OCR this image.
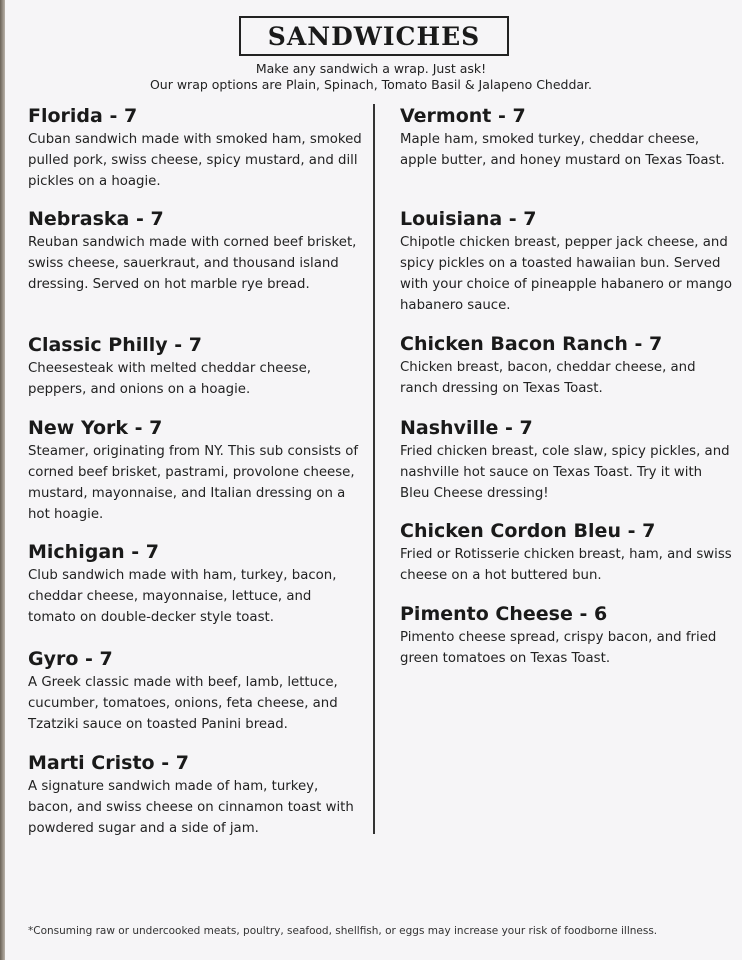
SANDWICHES
Make any sandwich a wrap. Just ask!
Our wrap options are Plain, Spinach, Tomato Basil & Jalapeno Cheddar.
Florida - 7
Cuban sandwich made with smoked ham, smoked pulled pork, swiss cheese, spicy mustard, and dill pickles on a hoagie.
Nebraska - 7
Reuban sandwich made with corned beef brisket, swiss cheese, sauerkraut, and thousand island dressing. Served on hot marble rye bread.
Classic Philly - 7
Cheesesteak with melted cheddar cheese, peppers, and onions on a hoagie.
New York - 7
Steamer, originating from NY. This sub consists of corned beef brisket, pastrami, provolone cheese, mustard, mayonnaise, and Italian dressing on a hot hoagie.
Michigan - 7
Club sandwich made with ham, turkey, bacon, cheddar cheese, mayonnaise, lettuce, and tomato on double-decker style toast.
Gyro - 7
A Greek classic made with beef, lamb, lettuce, cucumber, tomatoes, onions, feta cheese, and Tzatziki sauce on toasted Panini bread.
Marti Cristo - 7
A signature sandwich made of ham, turkey, bacon, and swiss cheese on cinnamon toast with powdered sugar and a side of jam.
Vermont - 7
Maple ham, smoked turkey, cheddar cheese, apple butter, and honey mustard on Texas Toast.
Louisiana - 7
Chipotle chicken breast, pepper jack cheese, and spicy pickles on a toasted hawaiian bun. Served with your choice of pineapple habanero or mango habanero sauce.
Chicken Bacon Ranch - 7
Chicken breast, bacon, cheddar cheese, and ranch dressing on Texas Toast.
Nashville - 7
Fried chicken breast, cole slaw, spicy pickles, and nashville hot sauce on Texas Toast. Try it with Bleu Cheese dressing!
Chicken Cordon Bleu - 7
Fried or Rotisserie chicken breast, ham, and swiss cheese on a hot buttered bun.
Pimento Cheese - 6
Pimento cheese spread, crispy bacon, and fried green tomatoes on Texas Toast.
*Consuming raw or undercooked meats, poultry, seafood, shellfish, or eggs may increase your risk of foodborne illness.
